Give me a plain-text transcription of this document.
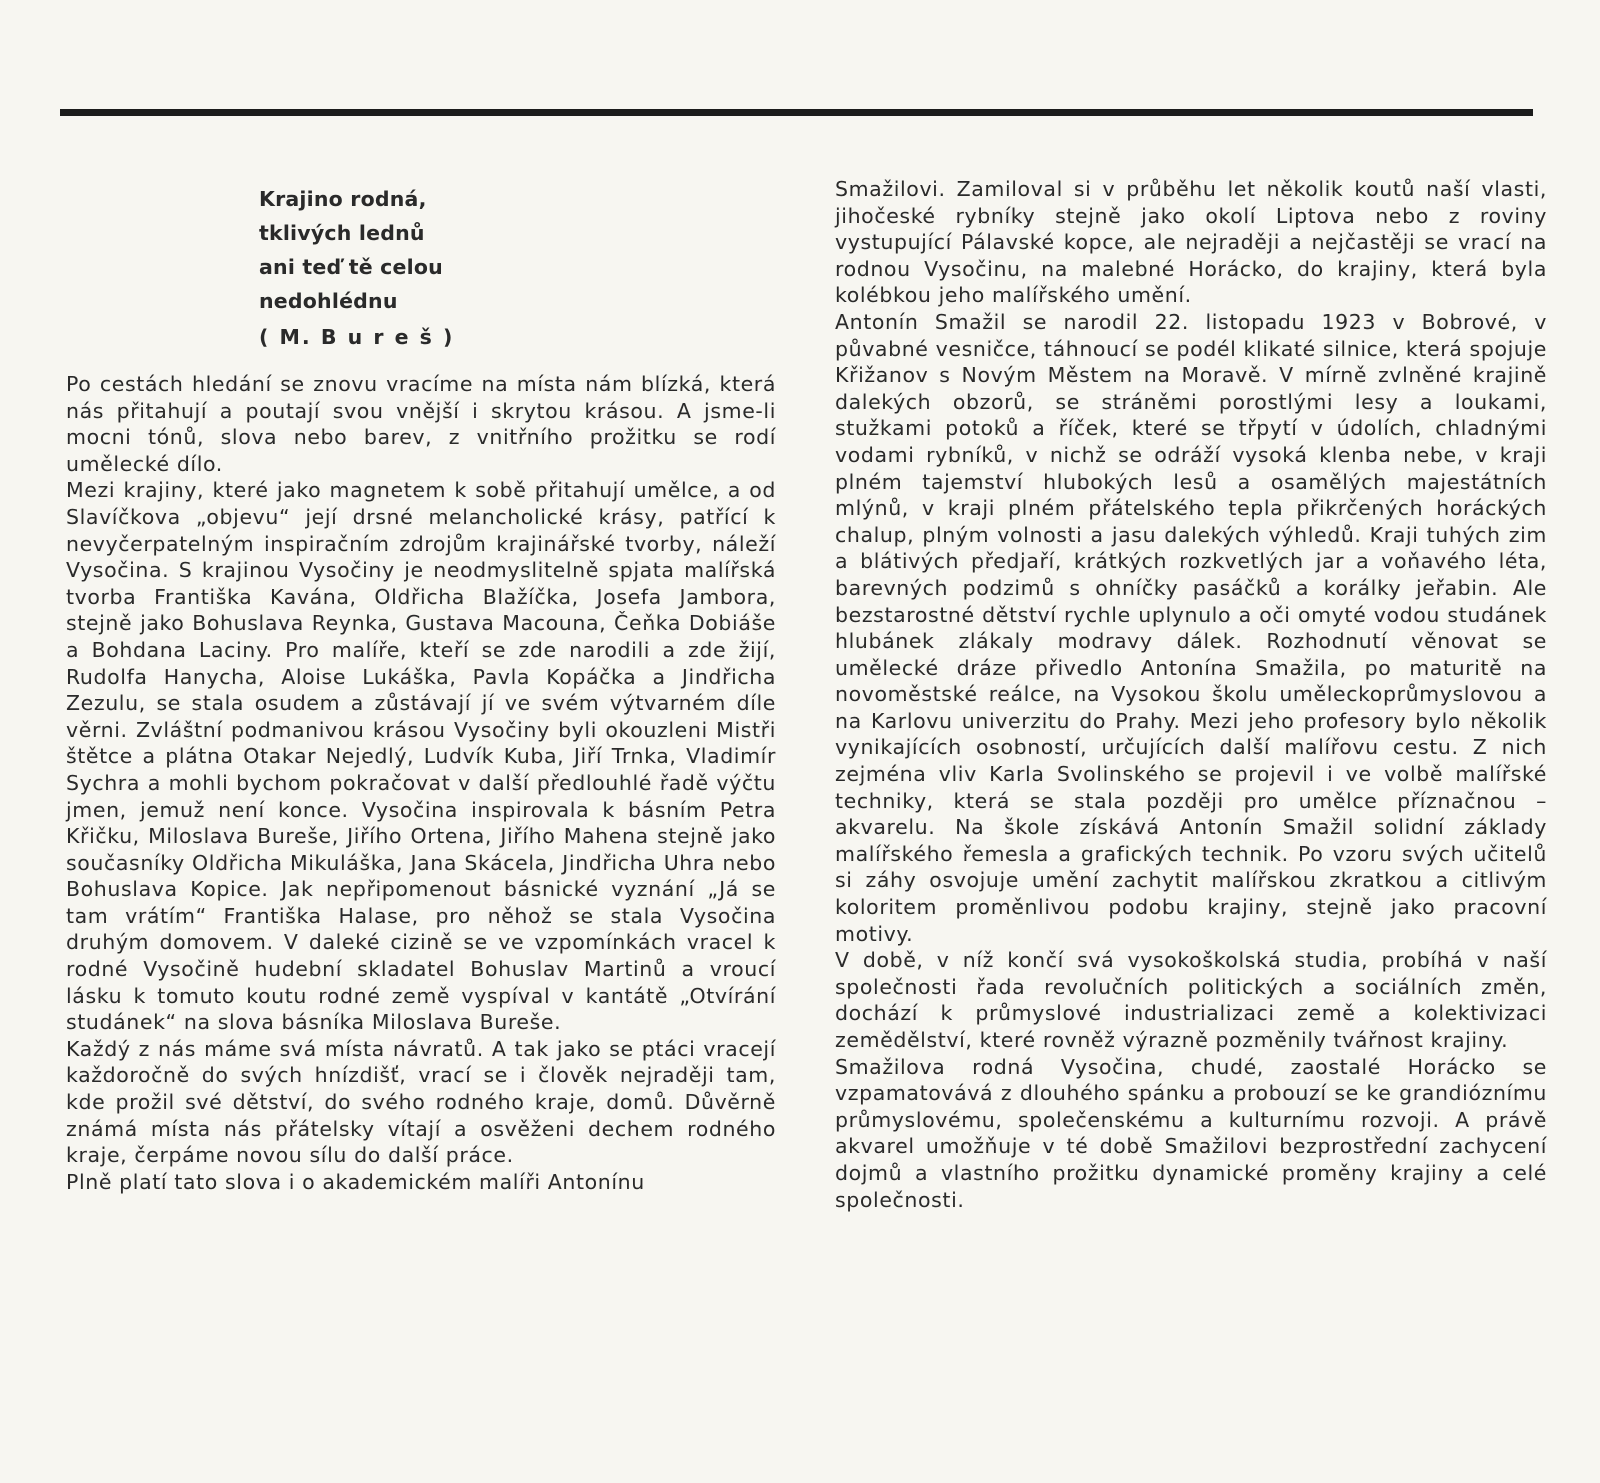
Krajino rodná,
tklivých lednů
ani teď tě celou
nedohlédnu
( M. B u r e š )

Po cestách hledání se znovu vracíme na místa nám blízká, která nás přitahují a poutají svou vnější i skrytou krásou. A jsme-li mocni tónů, slova nebo barev, z vnitřního prožitku se rodí umělecké dílo.

Mezi krajiny, které jako magnetem k sobě přitahují umělce, a od Slavíčkova „objevu“ její drsné melancholické krásy, patřící k nevyčerpatelným inspiračním zdrojům krajinářské tvorby, náleží Vysočina. S krajinou Vysočiny je neodmyslitelně spjata malířská tvorba Františka Kavána, Oldřicha Blažíčka, Josefa Jambora, stejně jako Bohuslava Reynka, Gustava Macouna, Čeňka Dobiáše a Bohdana Laciny. Pro malíře, kteří se zde narodili a zde žijí, Rudolfa Hanycha, Aloise Lukáška, Pavla Kopáčka a Jindřicha Zezulu, se stala osudem a zůstávají jí ve svém výtvarném díle věrni. Zvláštní podmanivou krásou Vysočiny byli okouzleni Mistři štětce a plátna Otakar Nejedlý, Ludvík Kuba, Jiří Trnka, Vladimír Sychra a mohli bychom pokračovat v další předlouhlé řadě výčtu jmen, jemuž není konce. Vysočina inspirovala k básním Petra Křičku, Miloslava Bureše, Jiřího Ortena, Jiřího Mahena stejně jako současníky Oldřicha Mikuláška, Jana Skácela, Jindřicha Uhra nebo Bohuslava Kopice. Jak nepřipomenout básnické vyznání „Já se tam vrátím“ Františka Halase, pro něhož se stala Vysočina druhým domovem. V daleké cizině se ve vzpomínkách vracel k rodné Vysočině hudební skladatel Bohuslav Martinů a vroucí lásku k tomuto koutu rodné země vyspíval v kantátě „Otvírání studánek“ na slova básníka Miloslava Bureše.

Každý z nás máme svá místa návratů. A tak jako se ptáci vracejí každoročně do svých hnízdišť, vrací se i člověk nejraději tam, kde prožil své dětství, do svého rodného kraje, domů. Důvěrně známá místa nás přátelsky vítají a osvěženi dechem rodného kraje, čerpáme novou sílu do další práce.

Plně platí tato slova i o akademickém malíři Antonínu

Smažilovi. Zamiloval si v průběhu let několik koutů naší vlasti, jihočeské rybníky stejně jako okolí Liptova nebo z roviny vystupující Pálavské kopce, ale nejraději a nejčastěji se vrací na rodnou Vysočinu, na malebné Horácko, do krajiny, která byla kolébkou jeho malířského umění.

Antonín Smažil se narodil 22. listopadu 1923 v Bobrové, v půvabné vesničce, táhnoucí se podél klikaté silnice, která spojuje Křižanov s Novým Městem na Moravě. V mírně zvlněné krajině dalekých obzorů, se stráněmi porostlými lesy a loukami, stužkami potoků a říček, které se třpytí v údolích, chladnými vodami rybníků, v nichž se odráží vysoká klenba nebe, v kraji plném tajemství hlubokých lesů a osamělých majestátních mlýnů, v kraji plném přátelského tepla přikrčených horáckých chalup, plným volnosti a jasu dalekých výhledů. Kraji tuhých zim a blátivých předjaří, krátkých rozkvetlých jar a voňavého léta, barevných podzimů s ohníčky pasáčků a korálky jeřabin. Ale bezstarostné dětství rychle uplynulo a oči omyté vodou studánek hlubánek zlákaly modravy dálek. Rozhodnutí věnovat se umělecké dráze přivedlo Antonína Smažila, po maturitě na novoměstské reálce, na Vysokou školu uměleckoprůmyslovou a na Karlovu univerzitu do Prahy. Mezi jeho profesory bylo několik vynikajících osobností, určujících další malířovu cestu. Z nich zejména vliv Karla Svolinského se projevil i ve volbě malířské techniky, která se stala později pro umělce příznačnou – akvarelu. Na škole získává Antonín Smažil solidní základy malířského řemesla a grafických technik. Po vzoru svých učitelů si záhy osvojuje umění zachytit malířskou zkratkou a citlivým koloritem proměnlivou podobu krajiny, stejně jako pracovní motivy.

V době, v níž končí svá vysokoškolská studia, probíhá v naší společnosti řada revolučních politických a sociálních změn, dochází k průmyslové industrializaci země a kolektivizaci zemědělství, které rovněž výrazně pozměnily tvářnost krajiny.

Smažilova rodná Vysočina, chudé, zaostalé Horácko se vzpamatovává z dlouhého spánku a probouzí se ke grandióznímu průmyslovému, společenskému a kulturnímu rozvoji. A právě akvarel umožňuje v té době Smažilovi bezprostřední zachycení dojmů a vlastního prožitku dynamické proměny krajiny a celé společnosti.
